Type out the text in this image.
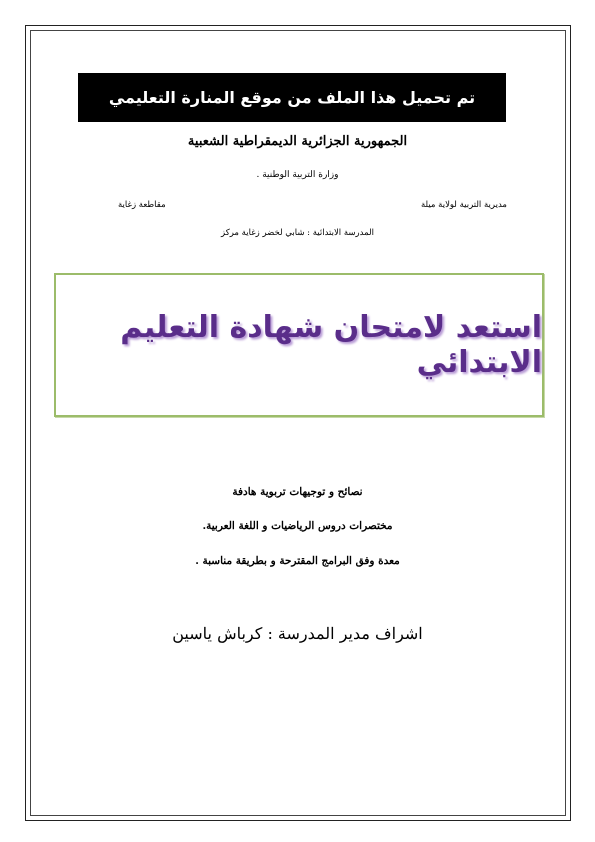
تم تحميل هذا الملف من موقع المنارة التعليمي
الجمهورية الجزائرية الديمقراطية الشعبية
وزارة التربية الوطنية .
مديرية التربية لولاية ميلة
مقاطعة زغاية
المدرسة الابتدائية : شابي لخضر زغاية مركز
استعد لامتحان شهادة التعليم الابتدائي
نصائح و توجيهات تربوية هادفة
مختصرات دروس الرياضيات و اللغة العربية.
معدة وفق البرامج المقترحة و بطريقة مناسبة .
اشراف مدير المدرسة : كرباش ياسين
